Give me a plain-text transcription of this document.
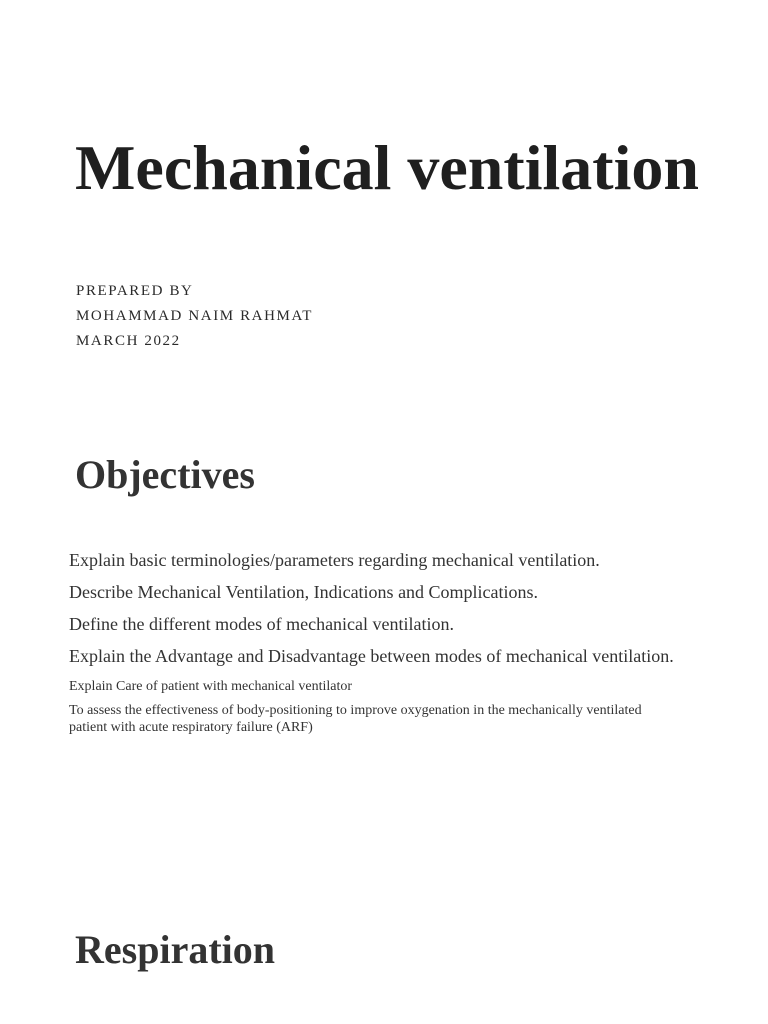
Mechanical ventilation
PREPARED BY
MOHAMMAD NAIM RAHMAT
MARCH 2022
Objectives
Explain basic terminologies/parameters regarding mechanical ventilation.
Describe Mechanical Ventilation, Indications and Complications.
Define the different modes of mechanical ventilation.
Explain the Advantage and Disadvantage between modes of mechanical ventilation.
Explain Care of patient with mechanical ventilator
To assess the effectiveness of body-positioning to improve oxygenation in the mechanically ventilated patient with acute respiratory failure (ARF)
Respiration
